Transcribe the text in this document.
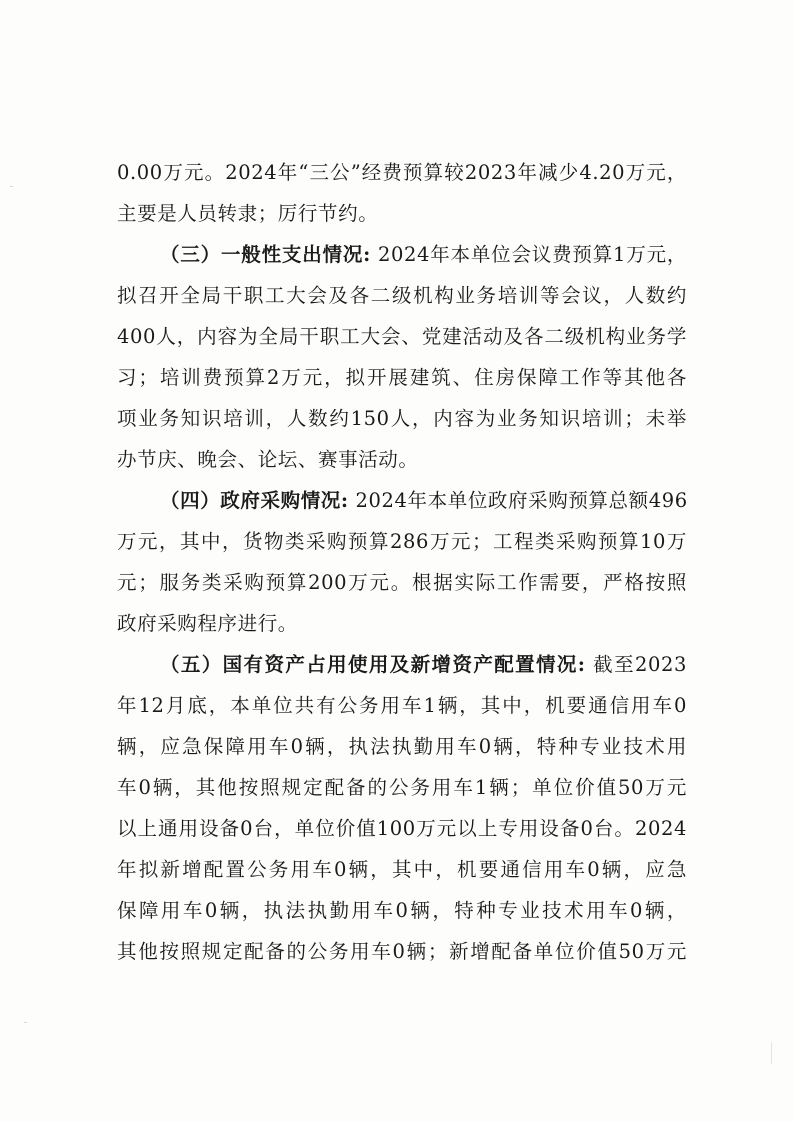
0.00万元。2024年“三公”经费预算较2023年减少4.20万元，
主要是人员转隶；厉行节约。
（三）一般性支出情况: 2024年本单位会议费预算1万元，
拟召开全局干职工大会及各二级机构业务培训等会议，人数约
400人，内容为全局干职工大会、党建活动及各二级机构业务学
习；培训费预算2万元，拟开展建筑、住房保障工作等其他各
项业务知识培训，人数约150人，内容为业务知识培训；未举
办节庆、晚会、论坛、赛事活动。
（四）政府采购情况: 2024年本单位政府采购预算总额496
万元，其中，货物类采购预算286万元；工程类采购预算10万
元；服务类采购预算200万元。根据实际工作需要，严格按照
政府采购程序进行。
（五）国有资产占用使用及新增资产配置情况: 截至2023
年12月底，本单位共有公务用车1辆，其中，机要通信用车0
辆，应急保障用车0辆，执法执勤用车0辆，特种专业技术用
车0辆，其他按照规定配备的公务用车1辆；单位价值50万元
以上通用设备0台，单位价值100万元以上专用设备0台。2024
年拟新增配置公务用车0辆，其中，机要通信用车0辆，应急
保障用车0辆，执法执勤用车0辆，特种专业技术用车0辆，
其他按照规定配备的公务用车0辆；新增配备单位价值50万元
